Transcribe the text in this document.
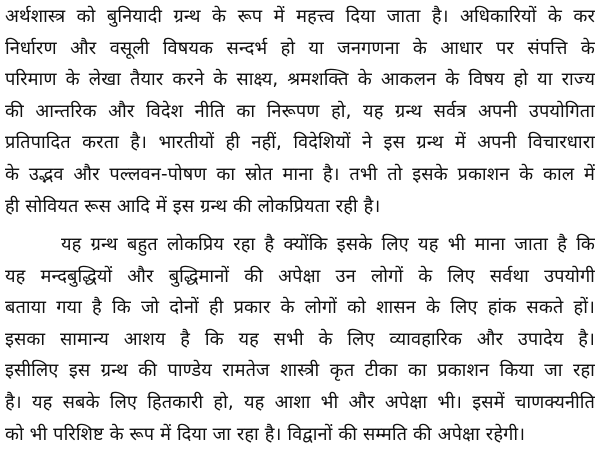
अर्थशास्त्र को बुनियादी ग्रन्थ के रूप में महत्त्व दिया जाता है। अधिकारियों के कर
निर्धारण और वसूली विषयक सन्दर्भ हो या जनगणना के आधार पर संपत्ति के
परिमाण के लेखा तैयार करने के साक्ष्य, श्रमशक्ति के आकलन के विषय हो या राज्य
की आन्तरिक और विदेश नीति का निरूपण हो, यह ग्रन्थ सर्वत्र अपनी उपयोगिता
प्रतिपादित करता है। भारतीयों ही नहीं, विदेशियों ने इस ग्रन्थ में अपनी विचारधारा
के उद्भव और पल्लवन-पोषण का स्रोत माना है। तभी तो इसके प्रकाशन के काल में
ही सोवियत रूस आदि में इस ग्रन्थ की लोकप्रियता रही है।
यह ग्रन्थ बहुत लोकप्रिय रहा है क्योंकि इसके लिए यह भी माना जाता है कि
यह मन्दबुद्धियों और बुद्धिमानों की अपेक्षा उन लोगों के लिए सर्वथा उपयोगी
बताया गया है कि जो दोनों ही प्रकार के लोगों को शासन के लिए हांक सकते हों।
इसका सामान्य आशय है कि यह सभी के लिए व्यावहारिक और उपादेय है।
इसीलिए इस ग्रन्थ की पाण्डेय रामतेज शास्त्री कृत टीका का प्रकाशन किया जा रहा
है। यह सबके लिए हितकारी हो, यह आशा भी और अपेक्षा भी। इसमें चाणक्यनीति
को भी परिशिष्ट के रूप में दिया जा रहा है। विद्वानों की सम्मति की अपेक्षा रहेगी।
